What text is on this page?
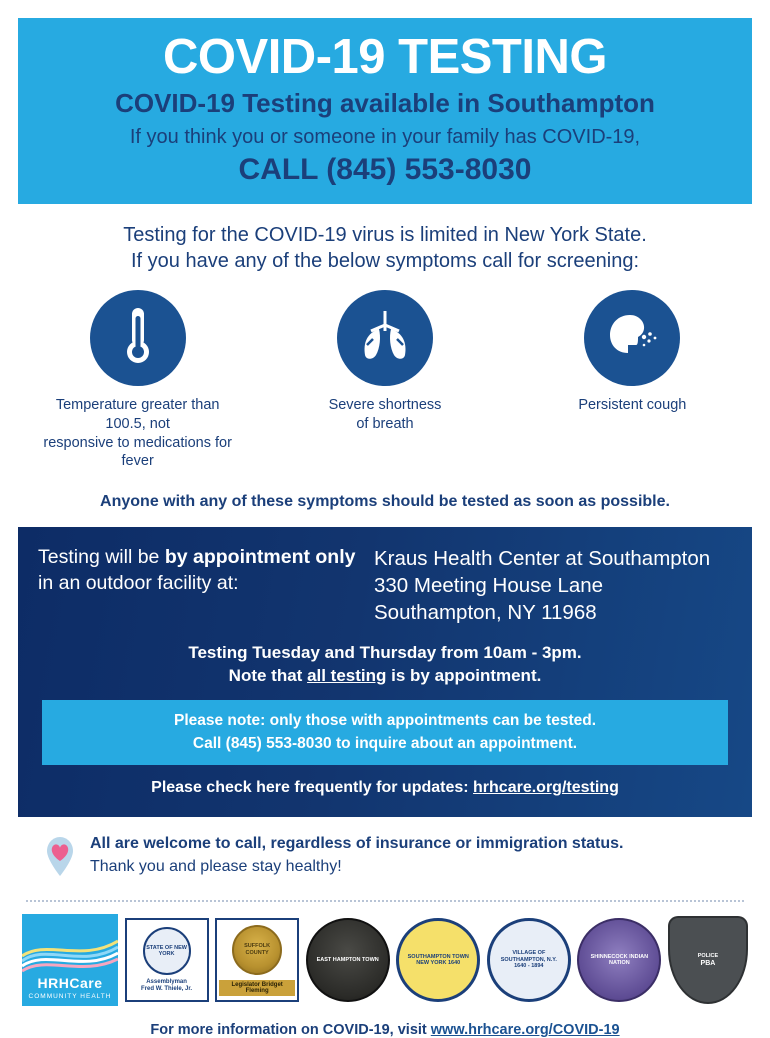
COVID-19 TESTING
COVID-19 Testing available in Southampton
If you think you or someone in your family has COVID-19,
CALL (845) 553-8030
Testing for the COVID-19 virus is limited in New York State.
If you have any of the below symptoms call for screening:
Temperature greater than 100.5, not
responsive to medications for fever
Severe shortness
of breath
Persistent cough
Anyone with any of these symptoms should be tested as soon as possible.
Testing will be by appointment only in an outdoor facility at:
Kraus Health Center at Southampton
330 Meeting House Lane
Southampton, NY 11968
Testing Tuesday and Thursday from 10am - 3pm.
Note that all testing is by appointment.
Please note: only those with appointments can be tested.
Call (845) 553-8030 to inquire about an appointment.
Please check here frequently for updates: hrhcare.org/testing
All are welcome to call, regardless of insurance or immigration status.
Thank you and please stay healthy!
HRHCare
COMMUNITY HEALTH
STATE OF NEW YORK
Assemblyman
Fred W. Thiele, Jr.
SUFFOLK COUNTY
Legislator Bridget Fleming
EAST HAMPTON TOWN
SOUTHAMPTON TOWN NEW YORK 1640
VILLAGE OF SOUTHAMPTON, N.Y. 1640 - 1894
SHINNECOCK INDIAN NATION
POLICE
PBA
For more information on COVID-19, visit www.hrhcare.org/COVID-19
